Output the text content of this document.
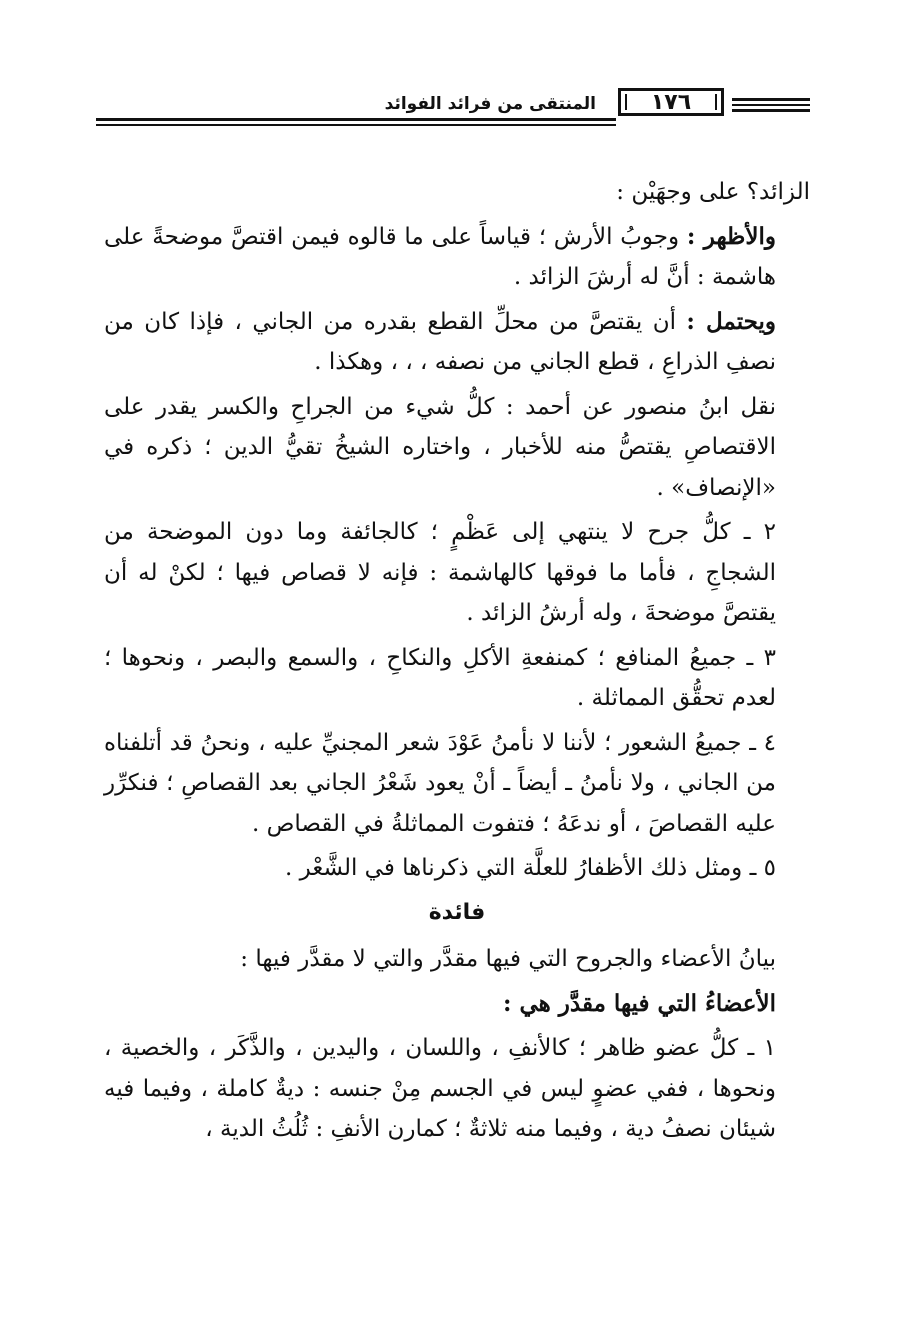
المنتقى من فرائد الفوائد	١٧٦

الزائد؟ على وجهَيْن :

والأظهر : وجوبُ الأرش ؛ قياساً على ما قالوه فيمن اقتصَّ موضحةً على هاشمة : أنَّ له أرشَ الزائد .

ويحتمل : أن يقتصَّ من محلِّ القطع بقدره من الجاني ، فإذا كان من نصفِ الذراعِ ، قطع الجاني من نصفه ، ، ، وهكذا .

نقل ابنُ منصور عن أحمد : كلُّ شيء من الجراحِ والكسر يقدر على الاقتصاصِ يقتصُّ منه للأخبار ، واختاره الشيخُ تقيُّ الدين ؛ ذكره في «الإنصاف» .

٢ ـ كلُّ جرح لا ينتهي إلى عَظْمٍ ؛ كالجائفة وما دون الموضحة من الشجاجِ ، فأما ما فوقها كالهاشمة : فإنه لا قصاص فيها ؛ لكنْ له أن يقتصَّ موضحةَ ، وله أرشُ الزائد .

٣ ـ جميعُ المنافع ؛ كمنفعةِ الأكلِ والنكاحِ ، والسمع والبصر ، ونحوها ؛ لعدم تحقُّق المماثلة .

٤ ـ جميعُ الشعور ؛ لأننا لا نأمنُ عَوْدَ شعر المجنيِّ عليه ، ونحنُ قد أتلفناه من الجاني ، ولا نأمنُ ـ أيضاً ـ أنْ يعود شَعْرُ الجاني بعد القصاصِ ؛ فنكرِّر عليه القصاصَ ، أو ندعَهُ ؛ فتفوت المماثلةُ في القصاص .

٥ ـ ومثل ذلك الأظفارُ للعلَّة التي ذكرناها في الشَّعْر .

فائدة

بيانُ الأعضاء والجروح التي فيها مقدَّر والتي لا مقدَّر فيها :

الأعضاءُ التي فيها مقدَّر هي :

١ ـ كلُّ عضو ظاهر ؛ كالأنفِ ، واللسان ، واليدين ، والذَّكَر ، والخصية ، ونحوها ، ففي عضوٍ ليس في الجسم مِنْ جنسه : ديةٌ كاملة ، وفيما فيه شيئان نصفُ دية ، وفيما منه ثلاثةٌ ؛ كمارن الأنفِ : ثُلُثُ الدية ،
